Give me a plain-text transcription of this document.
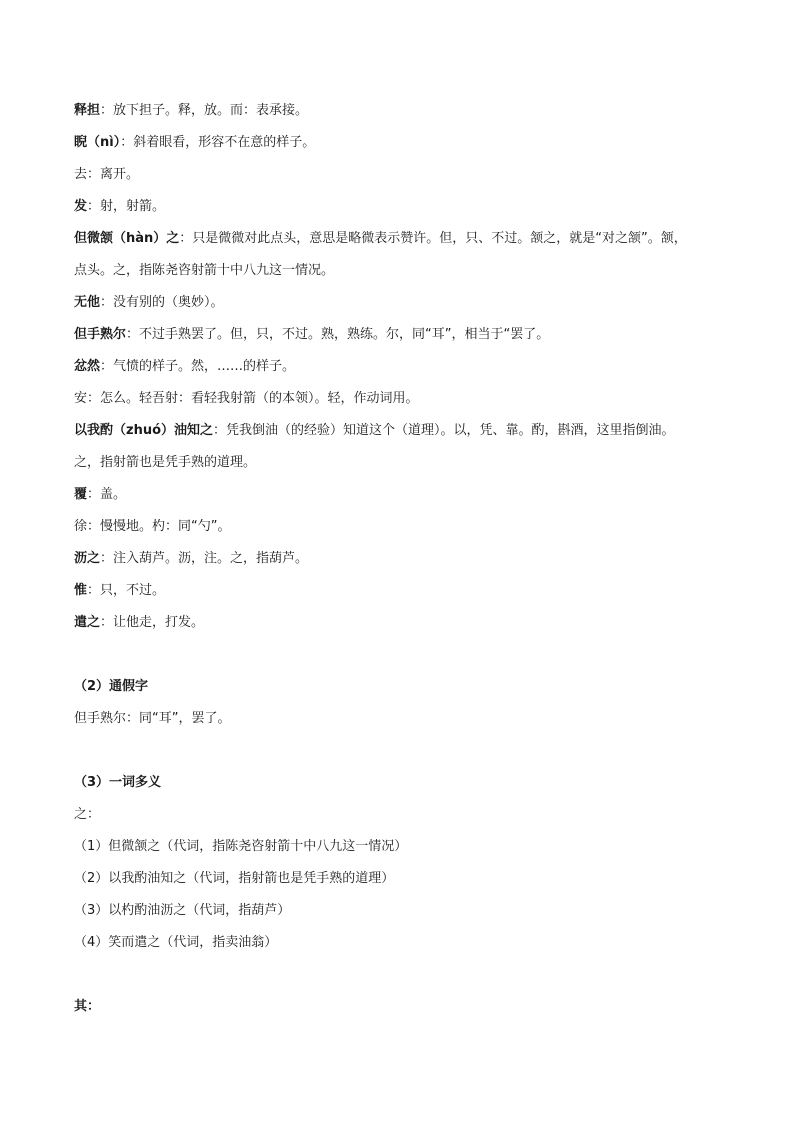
释担：放下担子。释，放。而：表承接。
睨（nì）：斜着眼看，形容不在意的样子。
去：离开。
发：射，射箭。
但微颔（hàn）之：只是微微对此点头，意思是略微表示赞许。但，只、不过。颔之，就是“对之颔”。颔，
点头。之，指陈尧咨射箭十中八九这一情况。
无他：没有别的（奥妙）。
但手熟尔：不过手熟罢了。但，只，不过。熟，熟练。尔，同“耳”，相当于“罢了。
忿然：气愤的样子。然，……的样子。
安：怎么。轻吾射：看轻我射箭（的本领）。轻，作动词用。
以我酌（zhuó）油知之：凭我倒油（的经验）知道这个（道理）。以，凭、靠。酌，斟酒，这里指倒油。
之，指射箭也是凭手熟的道理。
覆：盖。
徐：慢慢地。杓：同“勺”。
沥之：注入葫芦。沥，注。之，指葫芦。
惟：只，不过。
遣之：让他走，打发。
（2）通假字
但手熟尔：同“耳”，罢了。
（3）一词多义
之：
（1）但微颔之（代词，指陈尧咨射箭十中八九这一情况）
（2）以我酌油知之（代词，指射箭也是凭手熟的道理）
（3）以杓酌油沥之（代词，指葫芦）
（4）笑而遣之（代词，指卖油翁）
其：
